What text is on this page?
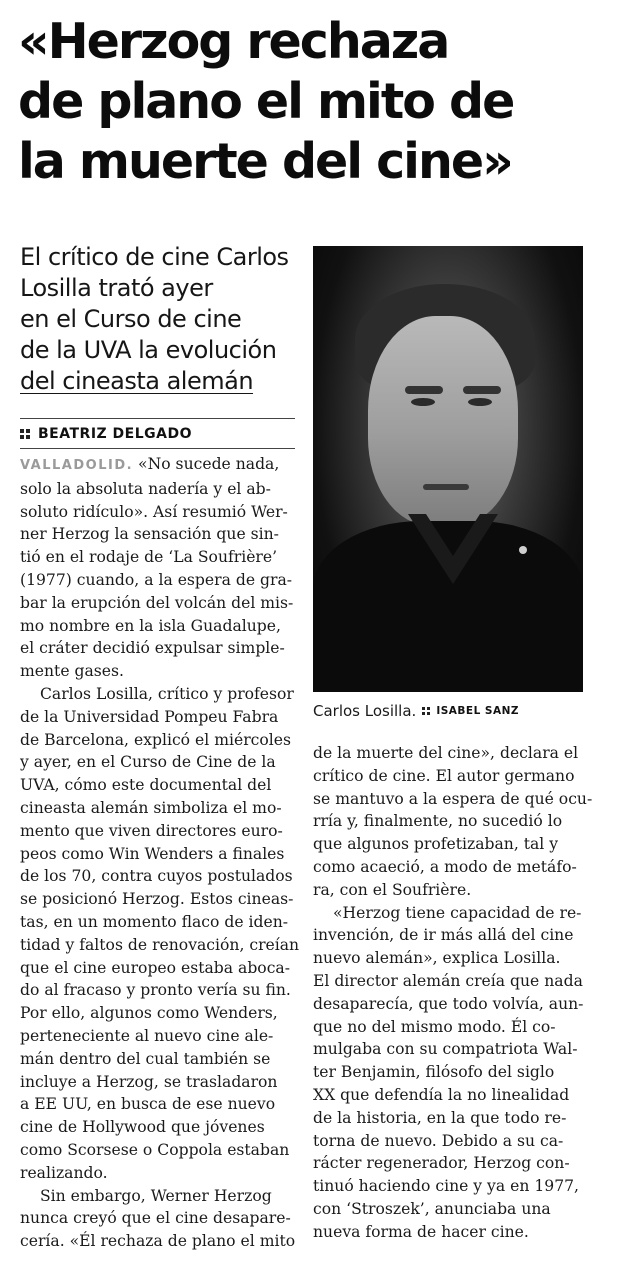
«Herzog rechaza
de plano el mito de
la muerte del cine»
El crítico de cine Carlos
Losilla trató ayer
en el Curso de cine
de la UVA la evolución
del cineasta alemán
BEATRIZ DELGADO
VALLADOLID. «No sucede nada,
solo la absoluta nadería y el ab-
soluto ridículo». Así resumió Wer-
ner Herzog la sensación que sin-
tió en el rodaje de ‘La Soufrière’
(1977) cuando, a la espera de gra-
bar la erupción del volcán del mis-
mo nombre en la isla Guadalupe,
el cráter decidió expulsar simple-
mente gases.
Carlos Losilla, crítico y profesor
de la Universidad Pompeu Fabra
de Barcelona, explicó el miércoles
y ayer, en el Curso de Cine de la
UVA, cómo este documental del
cineasta alemán simboliza el mo-
mento que viven directores euro-
peos como Win Wenders a finales
de los 70, contra cuyos postulados
se posicionó Herzog. Estos cineas-
tas, en un momento flaco de iden-
tidad y faltos de renovación, creían
que el cine europeo estaba aboca-
do al fracaso y pronto vería su fin.
Por ello, algunos como Wenders,
perteneciente al nuevo cine ale-
mán dentro del cual también se
incluye a Herzog, se trasladaron
a EE UU, en busca de ese nuevo
cine de Hollywood que jóvenes
como Scorsese o Coppola estaban
realizando.
Sin embargo, Werner Herzog
nunca creyó que el cine desapare-
cería. «Él rechaza de plano el mito
Carlos Losilla. ISABEL SANZ
de la muerte del cine», declara el
crítico de cine. El autor germano
se mantuvo a la espera de qué ocu-
rría y, finalmente, no sucedió lo
que algunos profetizaban, tal y
como acaeció, a modo de metáfo-
ra, con el Soufrière.
«Herzog tiene capacidad de re-
invención, de ir más allá del cine
nuevo alemán», explica Losilla.
El director alemán creía que nada
desaparecía, que todo volvía, aun-
que no del mismo modo. Él co-
mulgaba con su compatriota Wal-
ter Benjamin, filósofo del siglo
XX que defendía la no linealidad
de la historia, en la que todo re-
torna de nuevo. Debido a su ca-
rácter regenerador, Herzog con-
tinuó haciendo cine y ya en 1977,
con ‘Stroszek’, anunciaba una
nueva forma de hacer cine.
